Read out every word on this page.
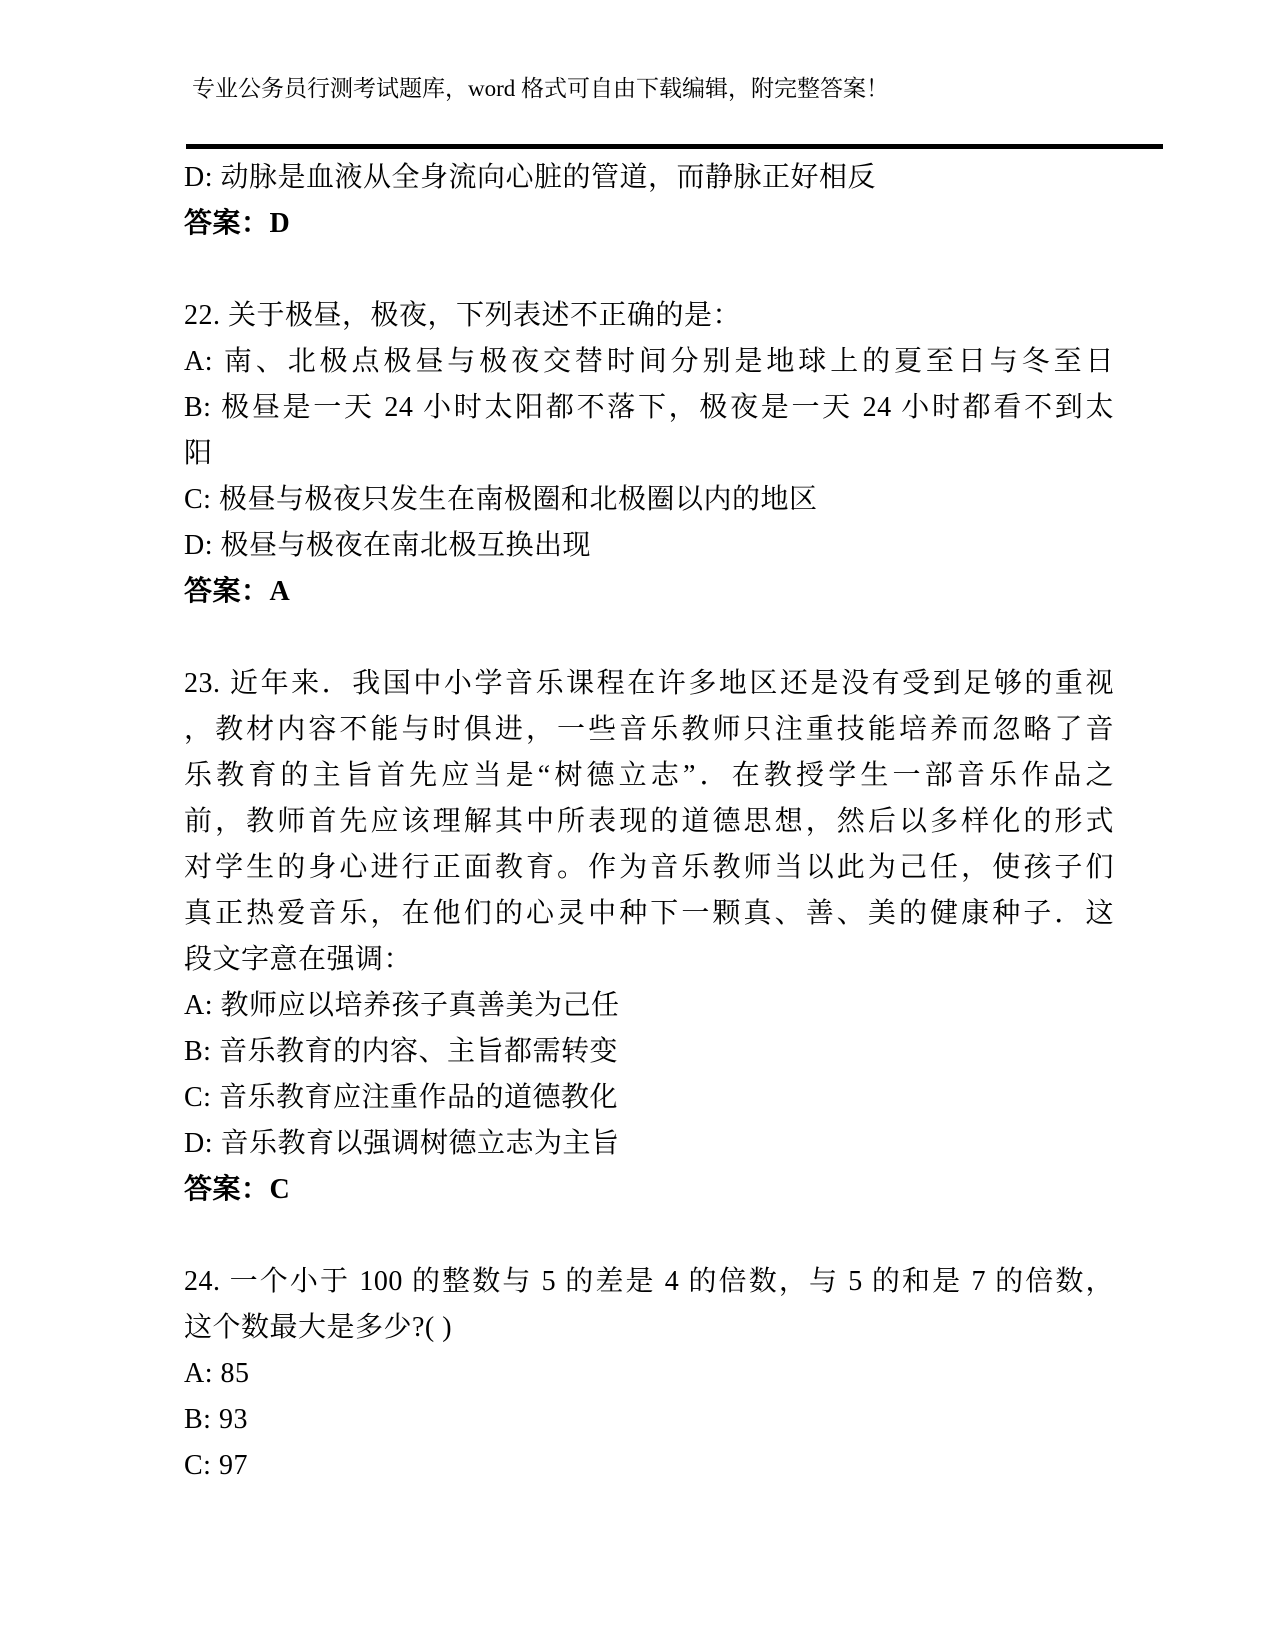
专业公务员行测考试题库，word 格式可自由下载编辑，附完整答案！
D: 动脉是血液从全身流向心脏的管道，而静脉正好相反
答案：D
22. 关于极昼，极夜，下列表述不正确的是：
A: 南、北极点极昼与极夜交替时间分别是地球上的夏至日与冬至日
B: 极昼是一天 24 小时太阳都不落下，极夜是一天 24 小时都看不到太
阳
C: 极昼与极夜只发生在南极圈和北极圈以内的地区
D: 极昼与极夜在南北极互换出现
答案：A
23. 近年来．我国中小学音乐课程在许多地区还是没有受到足够的重视
，教材内容不能与时俱进，一些音乐教师只注重技能培养而忽略了音
乐教育的主旨首先应当是“树德立志”．在教授学生一部音乐作品之
前，教师首先应该理解其中所表现的道德思想，然后以多样化的形式
对学生的身心进行正面教育。作为音乐教师当以此为己任，使孩子们
真正热爱音乐，在他们的心灵中种下一颗真、善、美的健康种子．这
段文字意在强调：
A: 教师应以培养孩子真善美为己任
B: 音乐教育的内容、主旨都需转变
C: 音乐教育应注重作品的道德教化
D: 音乐教育以强调树德立志为主旨
答案：C
24. 一个小于 100 的整数与 5 的差是 4 的倍数，与 5 的和是 7 的倍数，
这个数最大是多少?( )
A: 85
B: 93
C: 97
